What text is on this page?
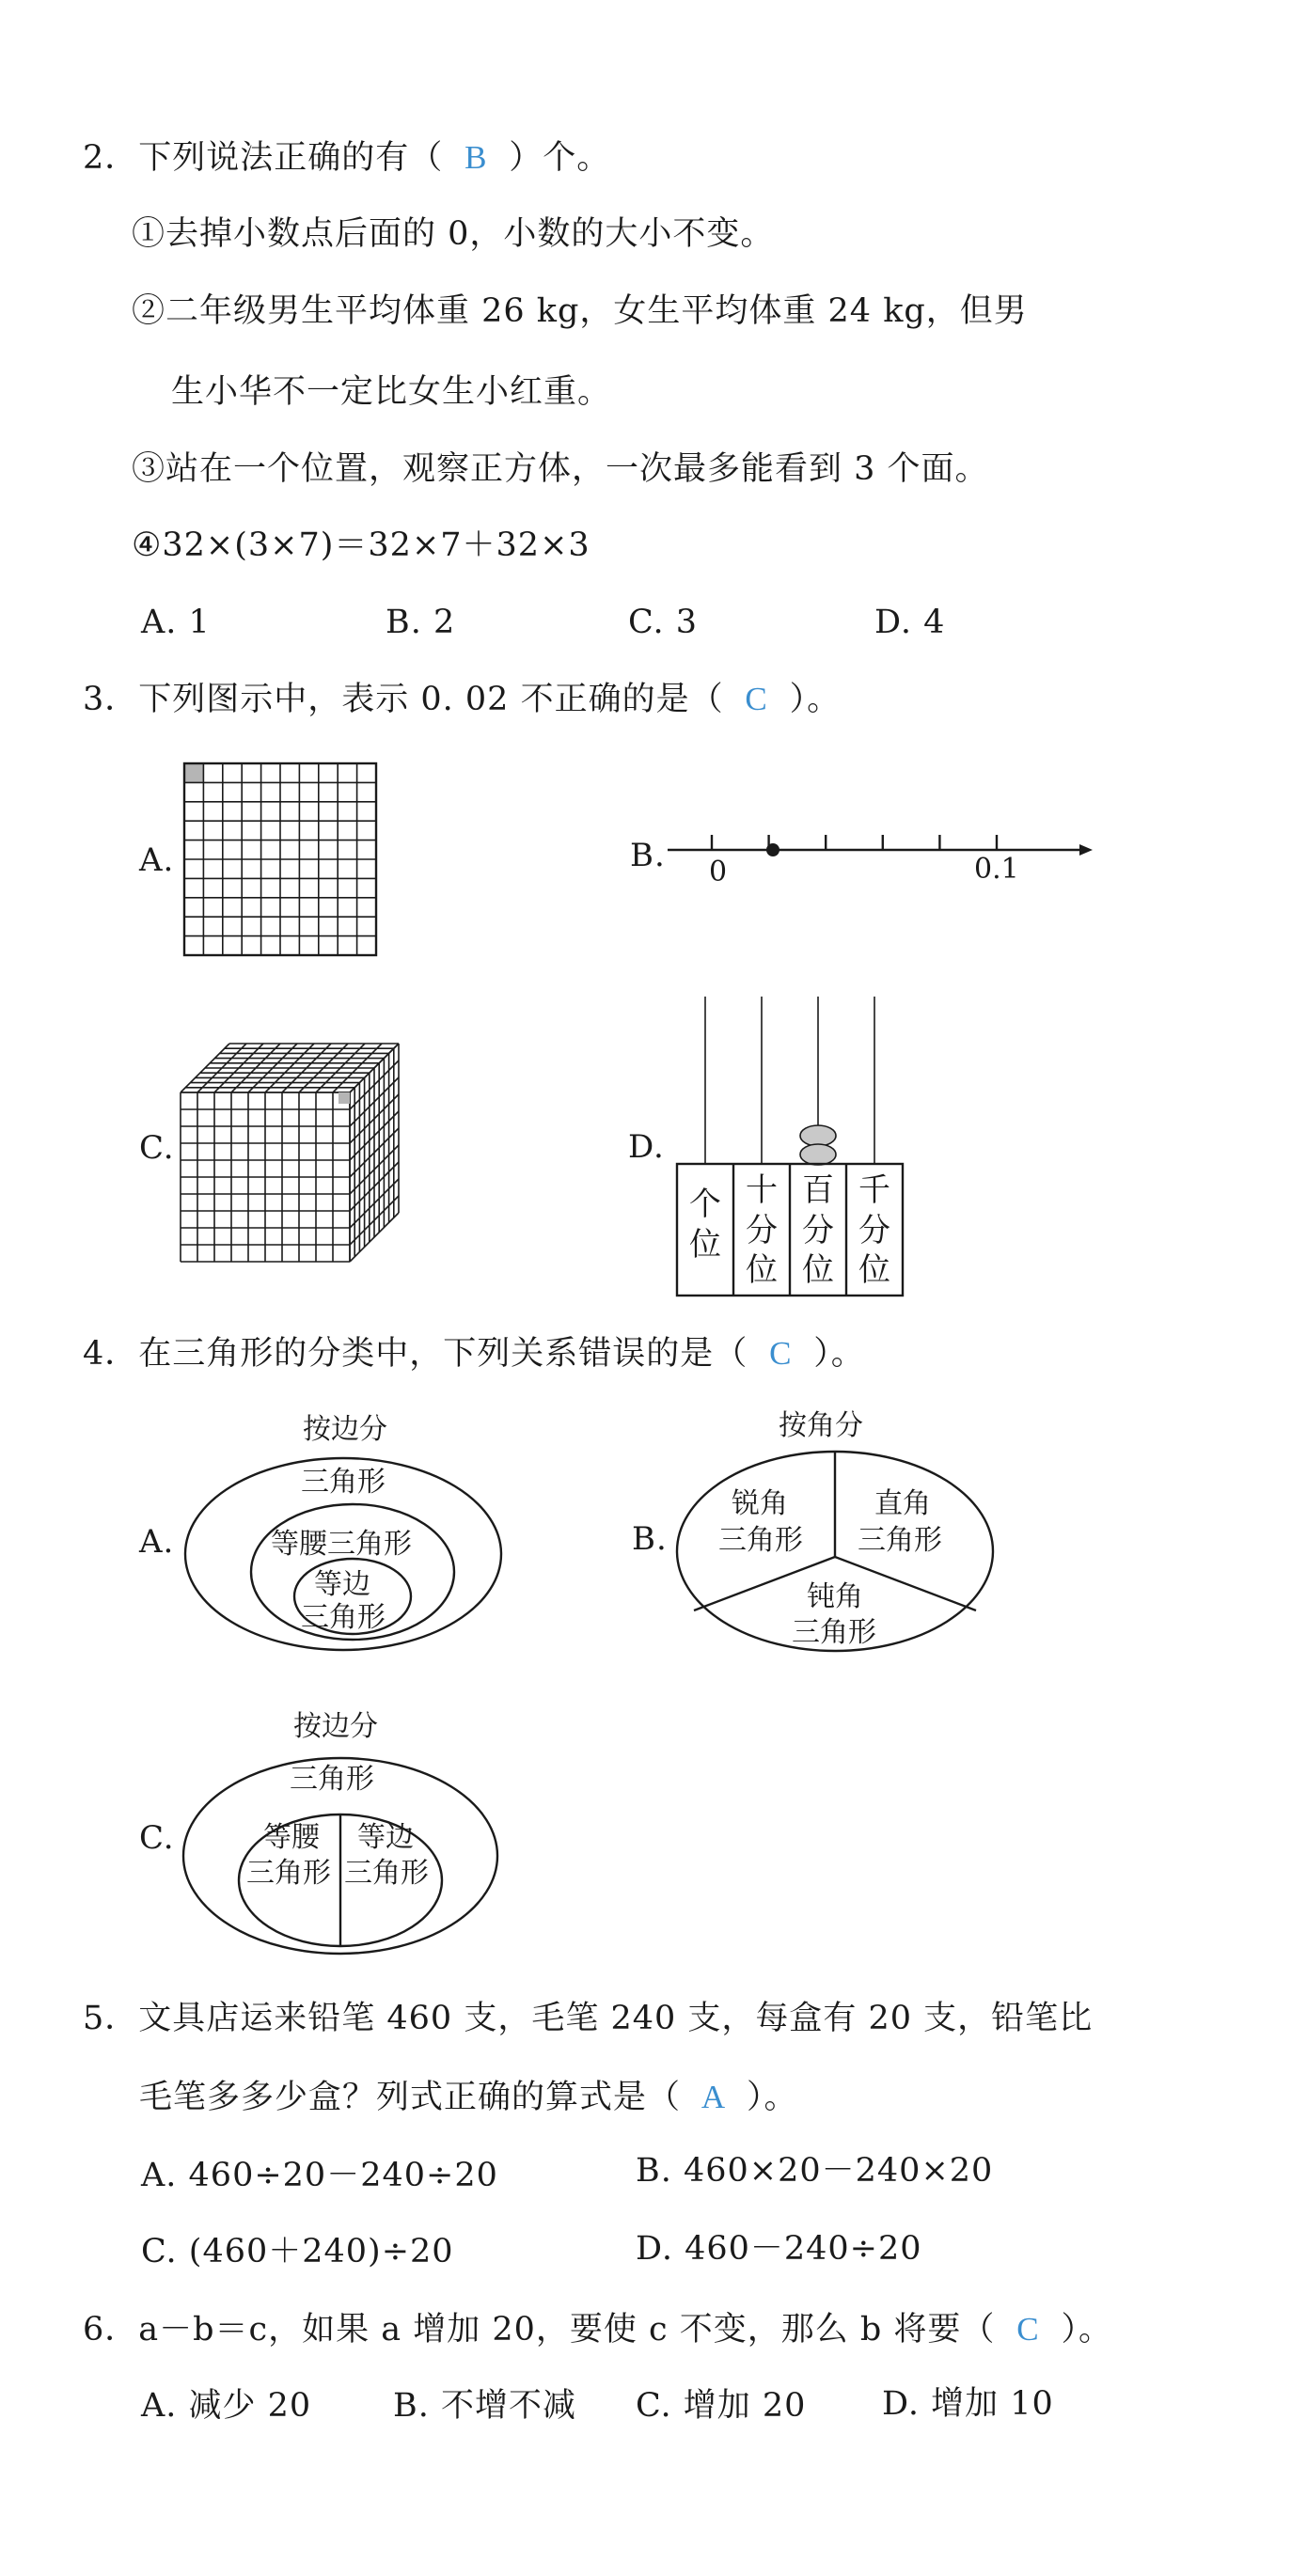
2．下列说法正确的有（ B ）个。
①去掉小数点后面的 0，小数的大小不变。
②二年级男生平均体重 26 kg，女生平均体重 24 kg，但男
生小华不一定比女生小红重。
③站在一个位置，观察正方体，一次最多能看到 3 个面。
④32×(3×7)＝32×7＋32×3
A. 1	B. 2	C. 3	D. 4
3．下列图示中，表示 0. 02 不正确的是（ C ）。
A.	B. 0	0.1
C.	D.
个
位
十
分
位
百
分
位
千
分
位
4．在三角形的分类中，下列关系错误的是（ C ）。
A.
按边分
三角形
等腰三角形
等边
三角形
B.
按角分
锐角
三角形
直角
三角形
钝角
三角形
C.
按边分
三角形
等腰
三角形
等边
三角形
5．文具店运来铅笔 460 支，毛笔 240 支，每盒有 20 支，铅笔比
毛笔多多少盒？列式正确的算式是（ A ）。
A. 460÷20－240÷20	B. 460×20－240×20
C. (460＋240)÷20	D. 460－240÷20
6．a－b＝c，如果 a 增加 20，要使 c 不变，那么 b 将要（ C ）。
A. 减少 20 B. 不增不减 C. 增加 20 D. 增加 10
